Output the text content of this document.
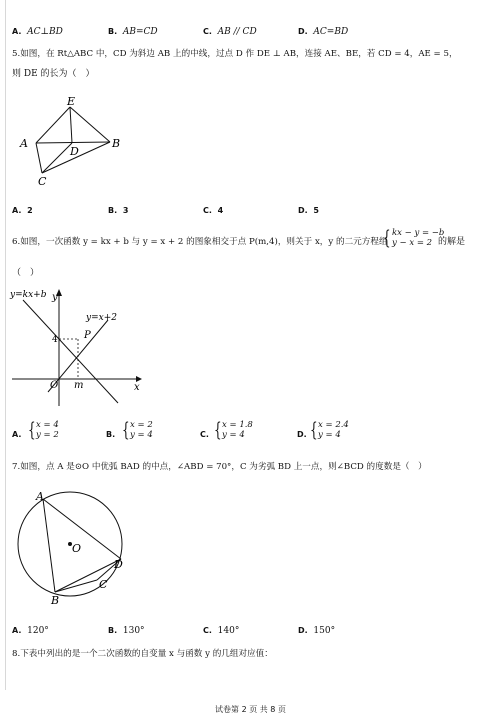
A. AC⊥BD	B. AB=CD	C. AB // CD	D. AC=BD
5.如图，在 Rt△ABC 中，CD 为斜边 AB 上的中线，过点 D 作 DE ⊥ AB，连接 AE、BE，若 CD = 4，AE = 5，
则 DE 的长为（　）
E
A
D
B
C
A. 2	B. 3	C. 4	D. 5
6.如图，一次函数 y = kx + b 与 y = x + 2 的图象相交于点 P(m,4)，则关于 x，y 的二元方程组
{ kx − y = −b
y − x = 2 的解是
（　）
y=kx+b
y=x+2
y
x
4	P
O m
A. { x = 4
y = 2	B. { x = 2
y = 4	C. { x = 1.8
y = 4	D. { x = 2.4
y = 4
7.如图，点 A 是⊙O 中优弧 BAD 的中点，∠ABD = 70°，C 为劣弧 BD 上一点，则∠BCD 的度数是（　）
A
O
D
C
B
A. 120°	B. 130°	C. 140°	D. 150°
8.下表中列出的是一个二次函数的自变量 x 与函数 y 的几组对应值：
试卷第 2 页 共 8 页
